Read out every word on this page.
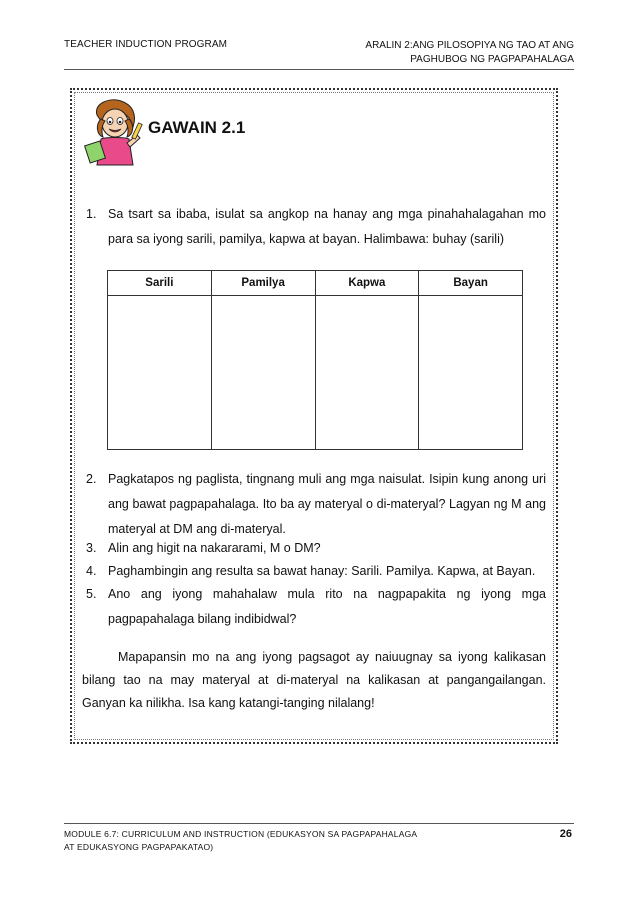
TEACHER INDUCTION PROGRAM	ARALIN 2:ANG PILOSOPIYA NG TAO AT ANG
PAGHUBOG NG PAGPAPAHALAGA
GAWAIN 2.1
1. Sa tsart sa ibaba, isulat sa angkop na hanay ang mga pinahahalagahan mo para sa iyong sarili, pamilya, kapwa at bayan. Halimbawa: buhay (sarili)
Sarili	Pamilya	Kapwa	Bayan

2. Pagkatapos ng paglista, tingnang muli ang mga naisulat. Isipin kung anong uri ang bawat pagpapahalaga. Ito ba ay materyal o di-materyal? Lagyan ng M ang materyal at DM ang di-materyal.
3. Alin ang higit na nakararami, M o DM?
4. Paghambingin ang resulta sa bawat hanay: Sarili. Pamilya. Kapwa, at Bayan.
5. Ano ang iyong mahahalaw mula rito na nagpapakita ng iyong mga pagpapahalaga bilang indibidwal?
Mapapansin mo na ang iyong pagsagot ay naiuugnay sa iyong kalikasan bilang tao na may materyal at di-materyal na kalikasan at pangangailangan. Ganyan ka nilikha. Isa kang katangi-tanging nilalang!
MODULE 6.7: CURRICULUM AND INSTRUCTION (EDUKASYON SA PAGPAPAHALAGA
AT EDUKASYONG PAGPAPAKATAO)
26
